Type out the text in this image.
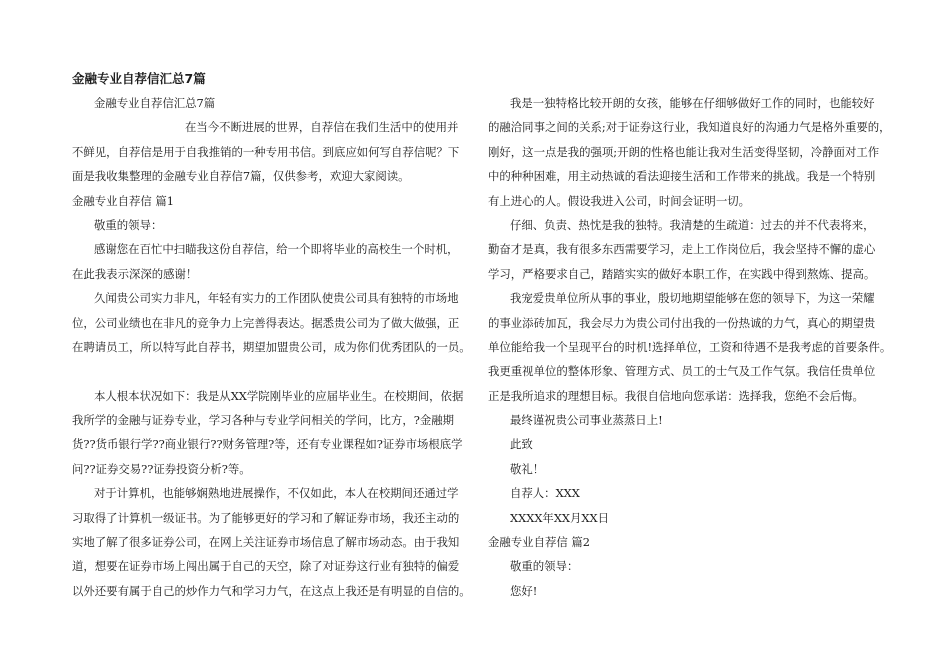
金融专业自荐信汇总7篇
金融专业自荐信汇总7篇
在当今不断进展的世界，自荐信在我们生活中的使用并
不鲜见，自荐信是用于自我推销的一种专用书信。到底应如何写自荐信呢？下
面是我收集整理的金融专业自荐信7篇，仅供参考，欢迎大家阅读。
金融专业自荐信 篇1
敬重的领导：
感谢您在百忙中扫瞄我这份自荐信，给一个即将毕业的高校生一个时机，
在此我表示深深的感谢！
久闻贵公司实力非凡，年轻有实力的工作团队使贵公司具有独特的市场地
位，公司业绩也在非凡的竞争力上完善得表达。据悉贵公司为了做大做强，正
在聘请员工，所以特写此自荐书，期望加盟贵公司，成为你们优秀团队的一员。
本人根本状况如下：我是从XX学院刚毕业的应届毕业生。在校期间，依据
我所学的金融与证券专业，学习各种与专业学问相关的学问，比方，?金融期
货??货币银行学??商业银行??财务管理?等，还有专业课程如?证券市场根底学
问??证券交易??证券投资分析?等。
对于计算机，也能够娴熟地进展操作，不仅如此，本人在校期间还通过学
习取得了计算机一级证书。为了能够更好的学习和了解证券市场，我还主动的
实地了解了很多证券公司，在网上关注证券市场信息了解市场动态。由于我知
道，想要在证券市场上闯出属于自己的天空，除了对证券这行业有独特的偏爱
以外还要有属于自己的炒作力气和学习力气，在这点上我还是有明显的自信的。
我是一独特格比较开朗的女孩，能够在仔细够做好工作的同时，也能较好
的融洽同事之间的关系;对于证券这行业，我知道良好的沟通力气是格外重要的，
刚好，这一点是我的强项;开朗的性格也能让我对生活变得坚韧，冷静面对工作
中的种种困难，用主动热诚的看法迎接生活和工作带来的挑战。我是一个特别
有上进心的人。假设我进入公司，时间会证明一切。
仔细、负责、热忱是我的独特。我清楚的生疏道：过去的并不代表将来，
勤奋才是真，我有很多东西需要学习，走上工作岗位后，我会坚持不懈的虚心
学习，严格要求自己，踏踏实实的做好本职工作，在实践中得到熬炼、提高。
我宠爱贵单位所从事的事业，殷切地期望能够在您的领导下，为这一荣耀
的事业添砖加瓦，我会尽力为贵公司付出我的一份热诚的力气，真心的期望贵
单位能给我一个呈现平台的时机!选择单位，工资和待遇不是我考虑的首要条件。
我更重视单位的整体形象、管理方式、员工的士气及工作气氛。我信任贵单位
正是我所追求的理想目标。我很自信地向您承诺：选择我，您绝不会后悔。
最终谨祝贵公司事业蒸蒸日上!
此致
敬礼！
自荐人：XXX
XXXX年XX月XX日
金融专业自荐信 篇2
敬重的领导：
您好!
